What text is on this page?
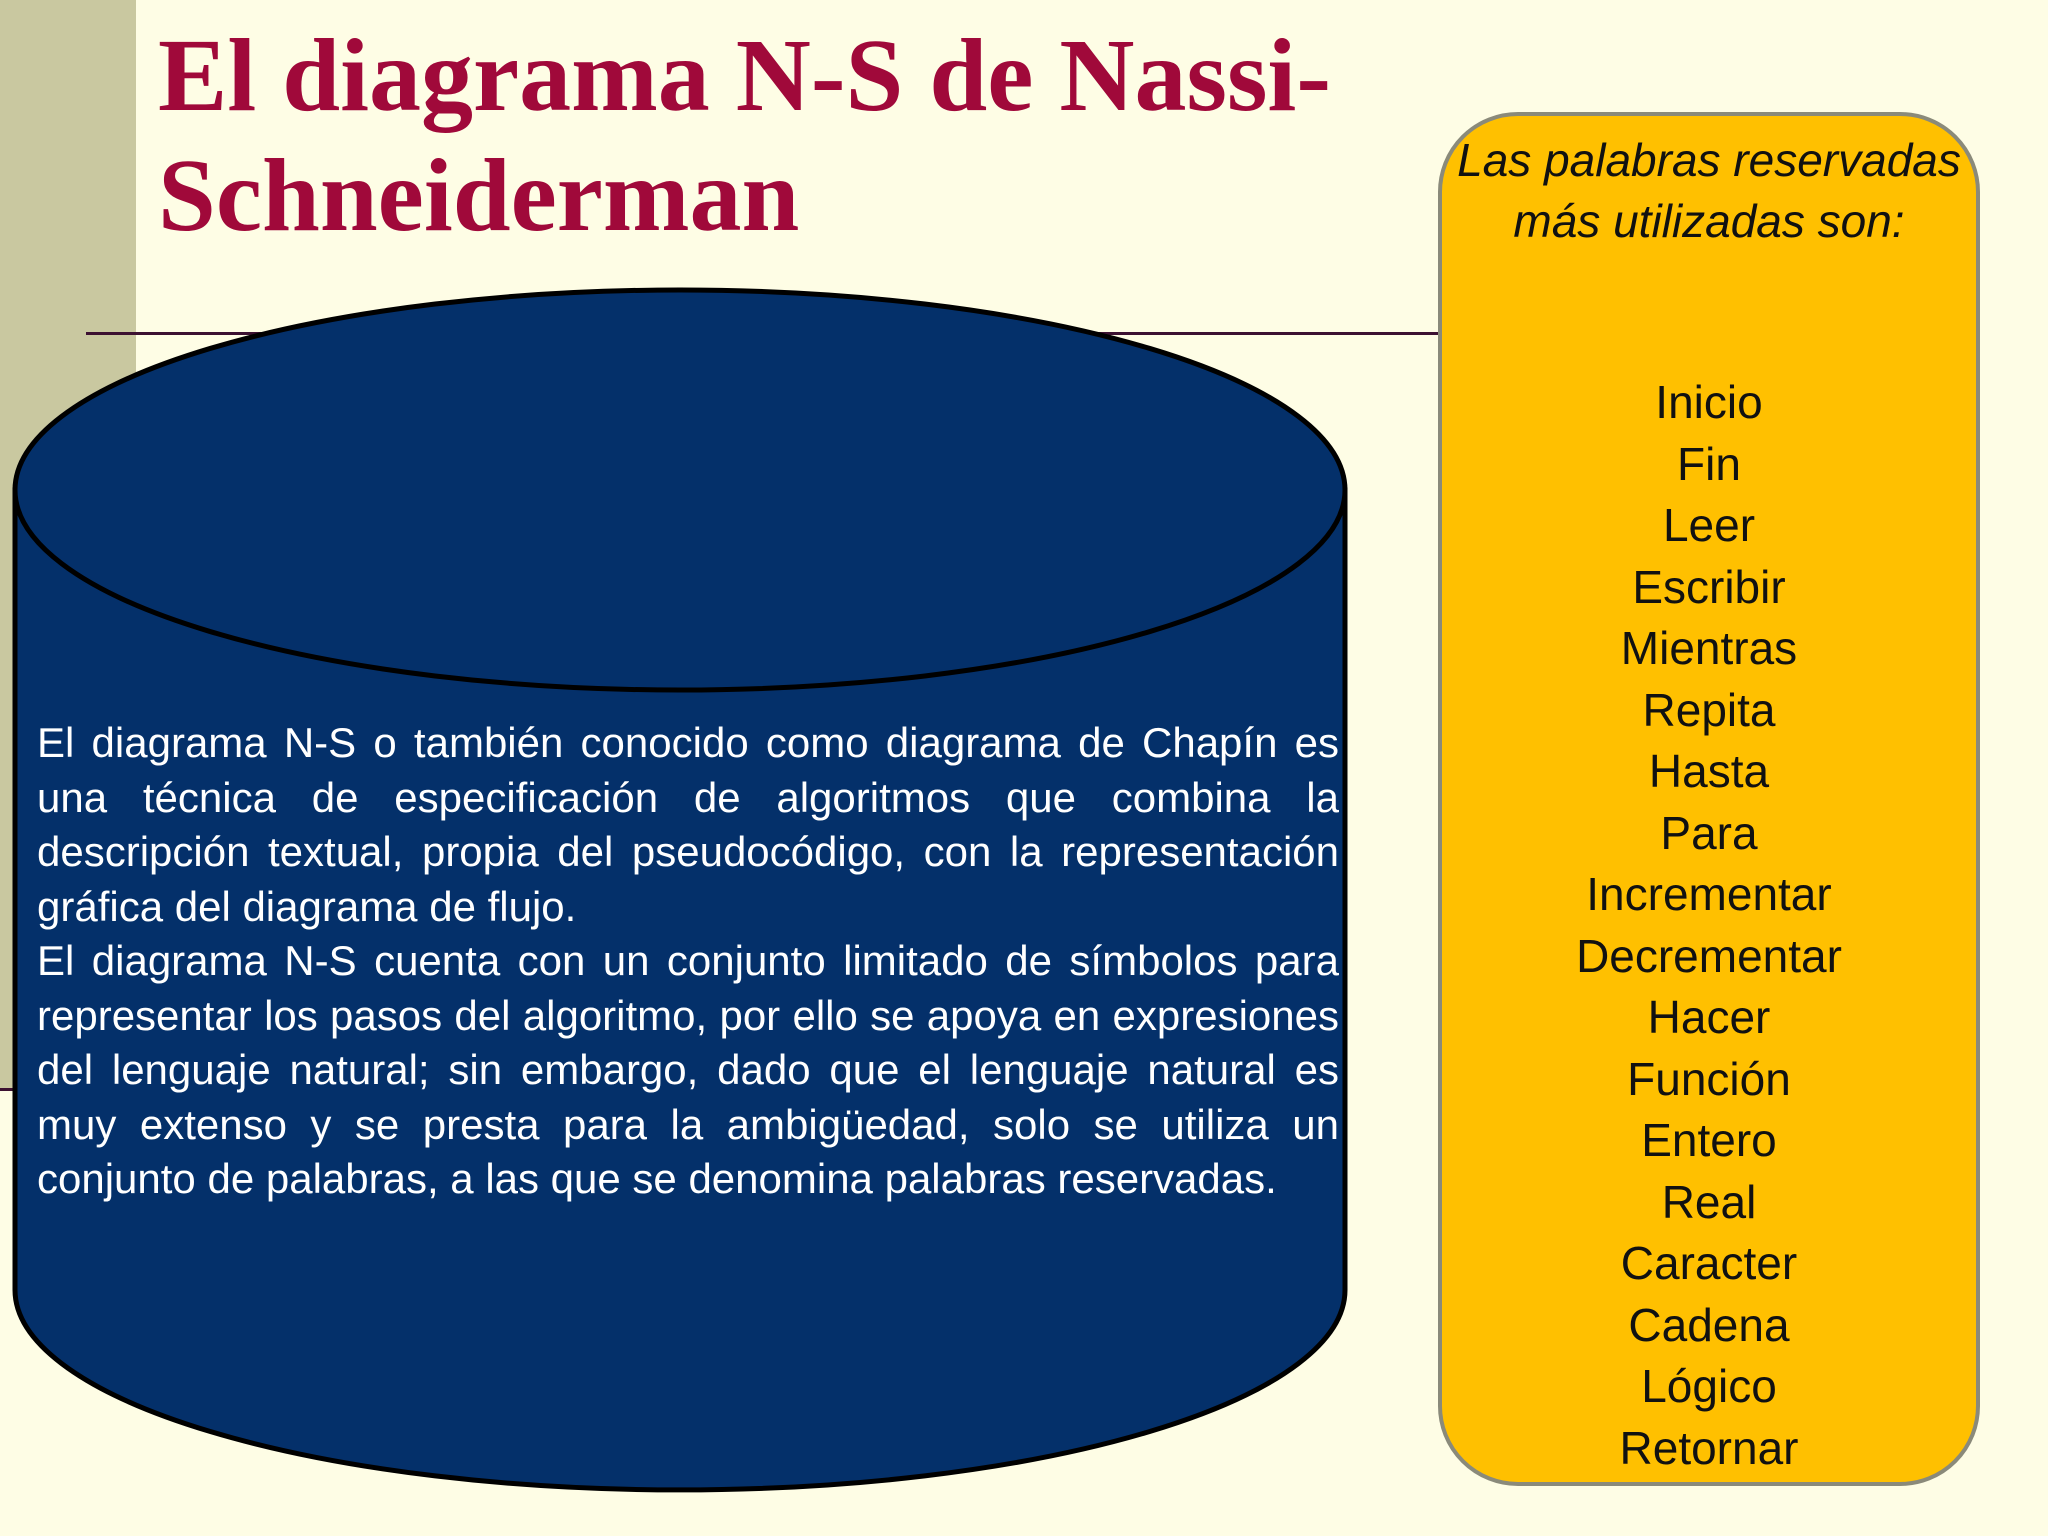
El diagrama N-S de Nassi-Schneiderman

El diagrama N-S o también conocido como diagrama de Chapín es una técnica de especificación de algoritmos que combina la descripción textual, propia del pseudocódigo, con la representación gráfica del diagrama de flujo.

El diagrama N-S cuenta con un conjunto limitado de símbolos para representar los pasos del algoritmo, por ello se apoya en expresiones del lenguaje natural; sin embargo, dado que el lenguaje natural es muy extenso y se presta para la ambigüedad, solo se utiliza un conjunto de palabras, a las que se denomina palabras reservadas.

Las palabras reservadas más utilizadas son:

Inicio
Fin
Leer
Escribir
Mientras
Repita
Hasta
Para
Incrementar
Decrementar
Hacer
Función
Entero
Real
Caracter
Cadena
Lógico
Retornar
